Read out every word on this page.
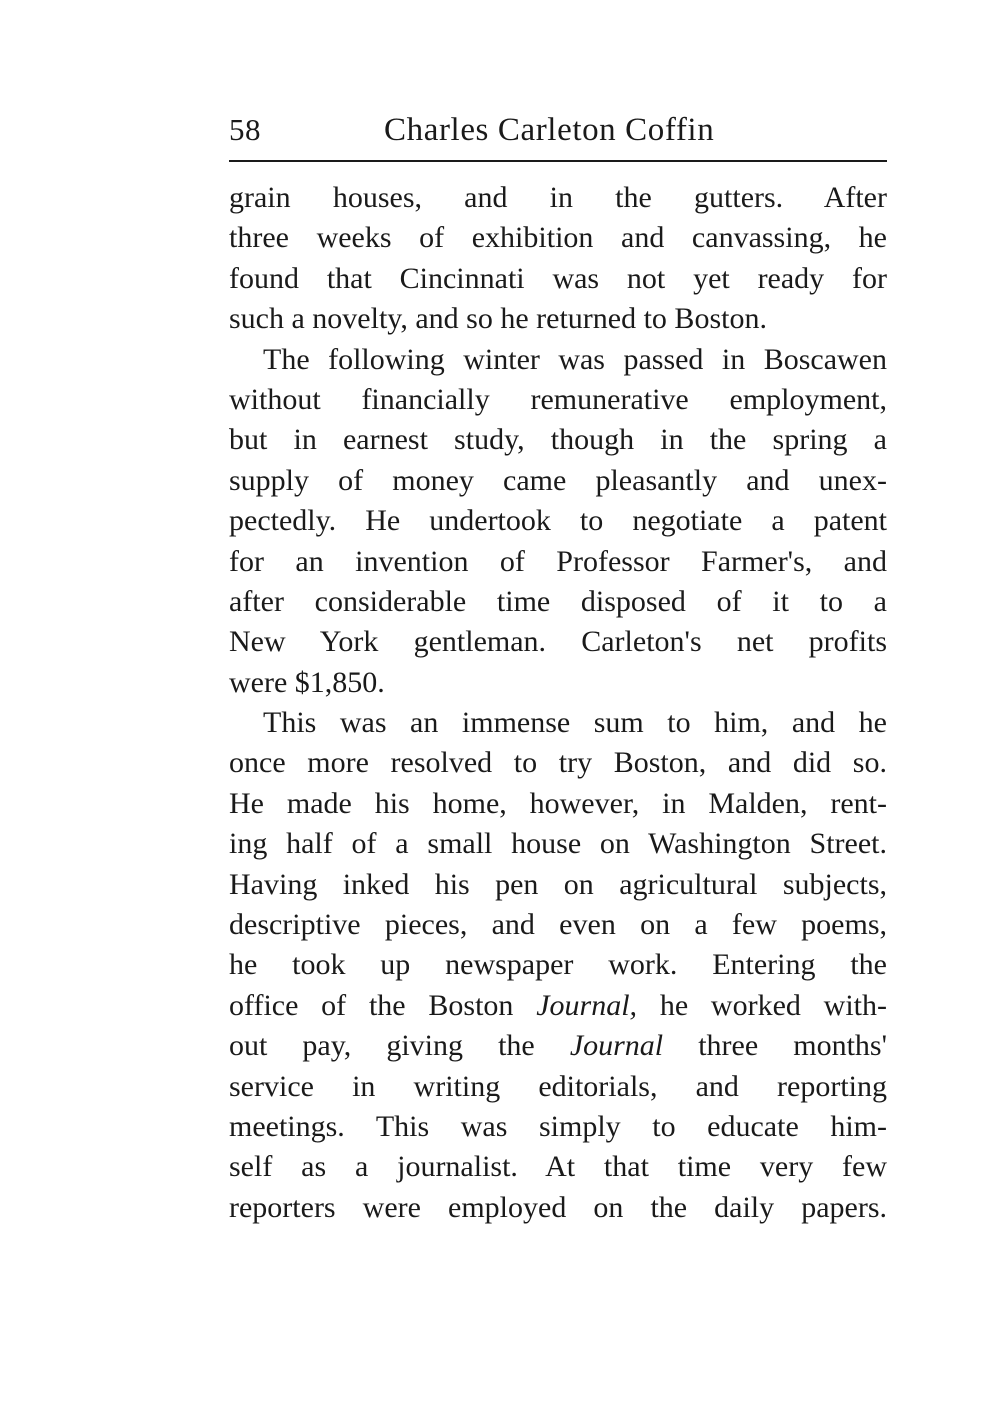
58	Charles Carleton Coffin
grain houses, and in the gutters. After
three weeks of exhibition and canvassing, he
found that Cincinnati was not yet ready for
such a novelty, and so he returned to Boston.
The following winter was passed in Boscawen
without financially remunerative employment,
but in earnest study, though in the spring a
supply of money came pleasantly and unex-
pectedly. He undertook to negotiate a patent
for an invention of Professor Farmer's, and
after considerable time disposed of it to a
New York gentleman. Carleton's net profits
were $1,850.
This was an immense sum to him, and he
once more resolved to try Boston, and did so.
He made his home, however, in Malden, rent-
ing half of a small house on Washington Street.
Having inked his pen on agricultural subjects,
descriptive pieces, and even on a few poems,
he took up newspaper work. Entering the
office of the Boston Journal, he worked with-
out pay, giving the Journal three months'
service in writing editorials, and reporting
meetings. This was simply to educate him-
self as a journalist. At that time very few
reporters were employed on the daily papers.
